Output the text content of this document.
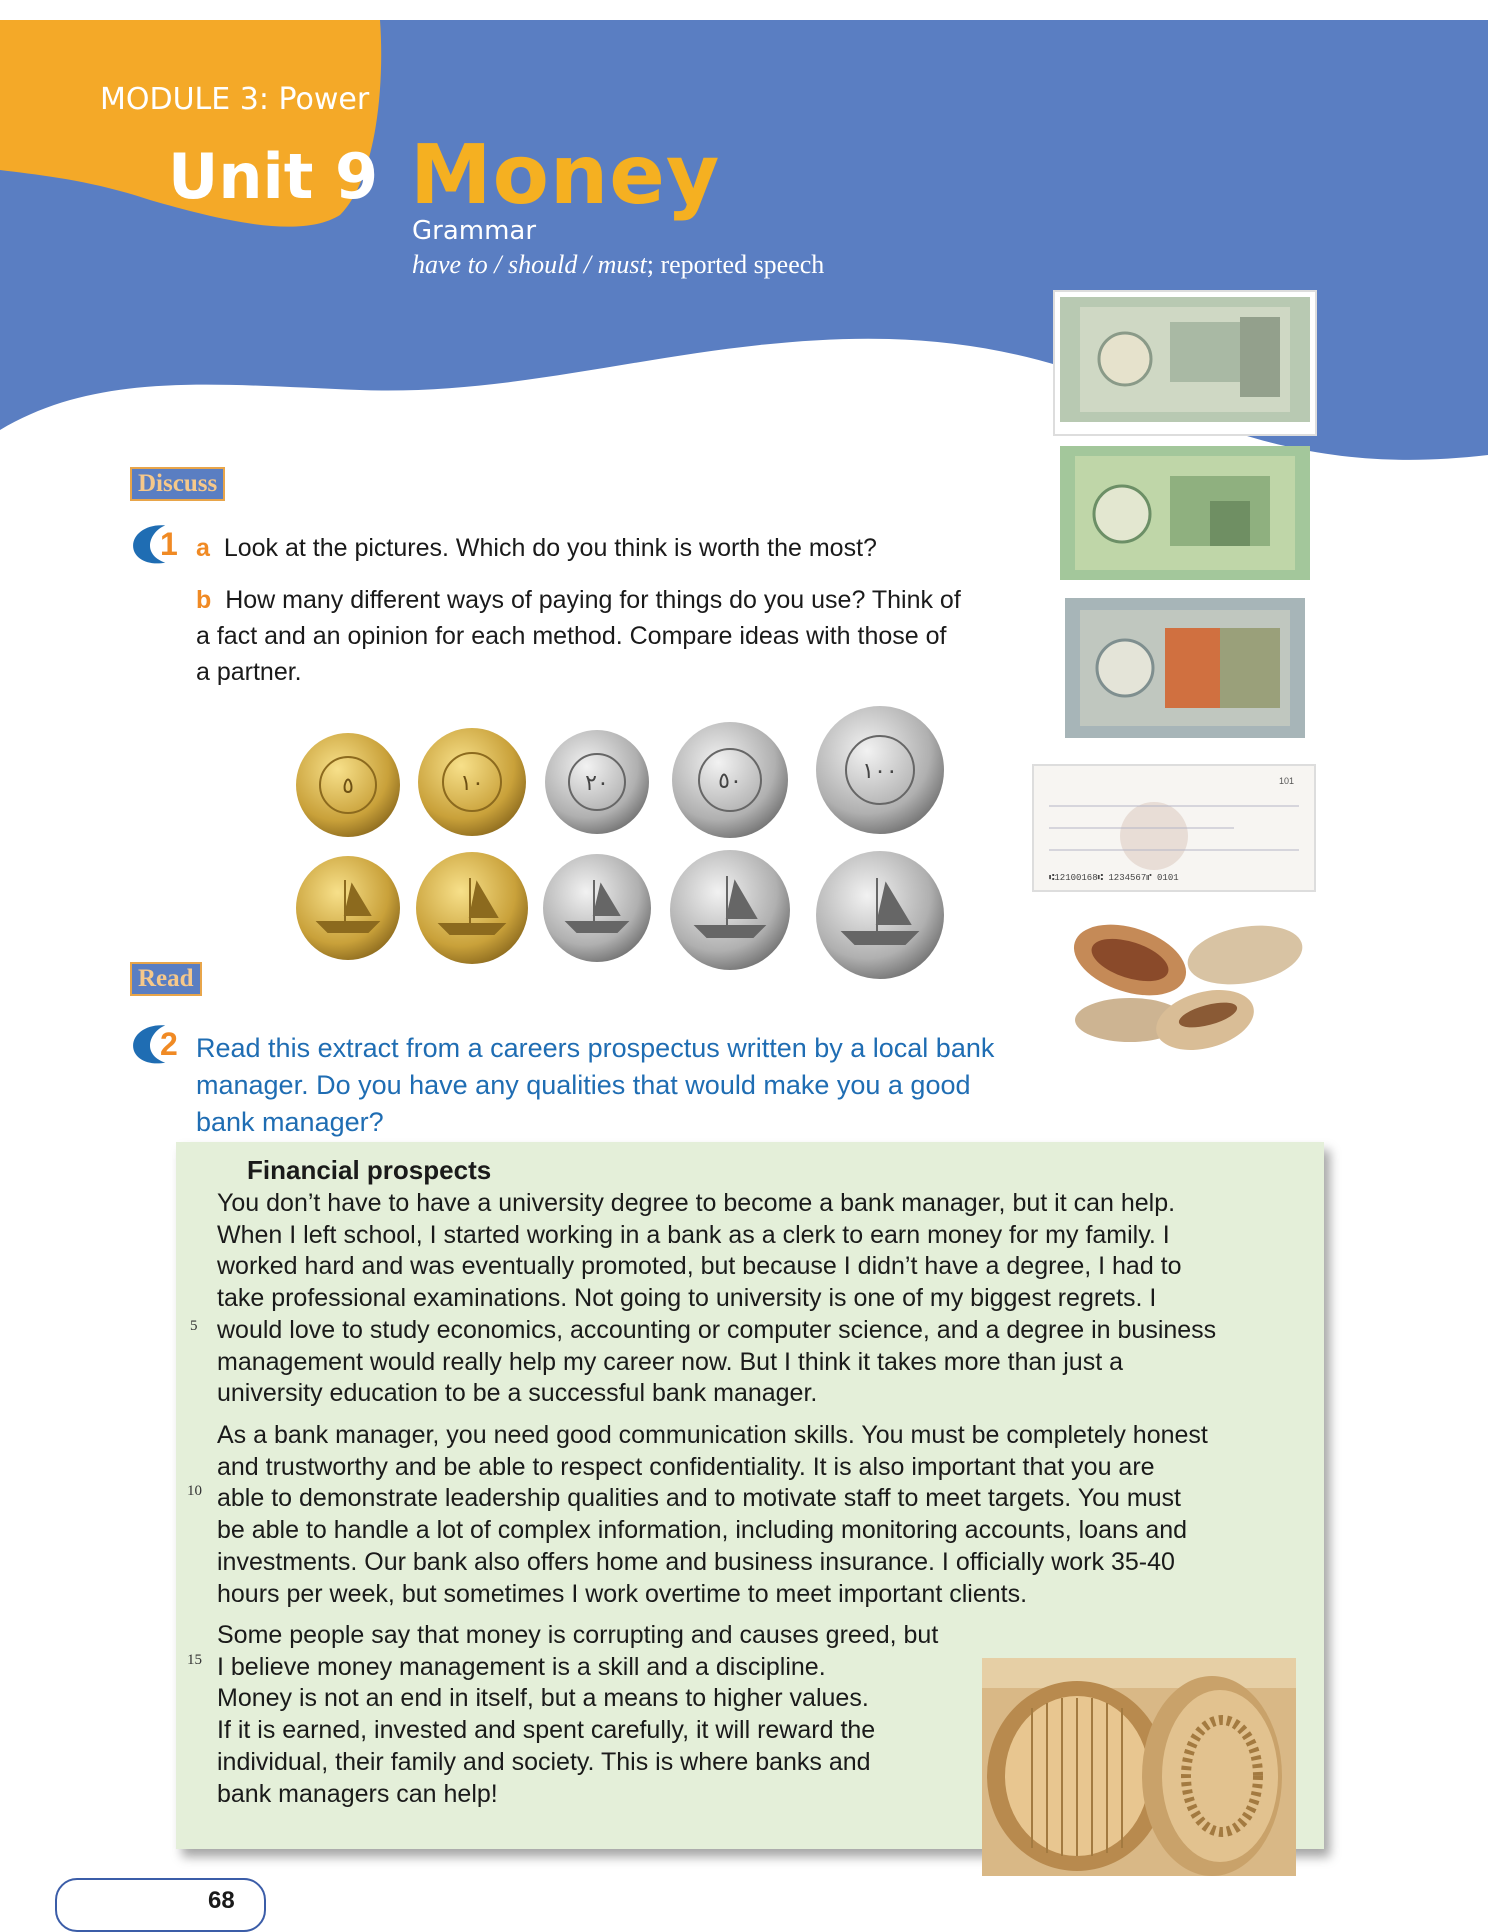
MODULE 3: Power
Unit 9 Money
Grammar
have to / should / must; reported speech
101
⑆12100168⑆ 1234567⑈ 0101
Discuss
1 a Look at the pictures. Which do you think is worth the most?
b How many different ways of paying for things do you use? Think of
a fact and an opinion for each method. Compare ideas with those of
a partner.
٥	١٠	٢٠	٥٠	١٠٠
Read
2 Read this extract from a careers prospectus written by a local bank
manager. Do you have any qualities that would make you a good
bank manager?
Financial prospects
You don’t have to have a university degree to become a bank manager, but it can help.
When I left school, I started working in a bank as a clerk to earn money for my family. I
worked hard and was eventually promoted, but because I didn’t have a degree, I had to
take professional examinations. Not going to university is one of my biggest regrets. I
would love to study economics, accounting or computer science, and a degree in business
management would really help my career now. But I think it takes more than just a
university education to be a successful bank manager.
As a bank manager, you need good communication skills. You must be completely honest
and trustworthy and be able to respect confidentiality. It is also important that you are
able to demonstrate leadership qualities and to motivate staff to meet targets. You must
be able to handle a lot of complex information, including monitoring accounts, loans and
investments. Our bank also offers home and business insurance. I officially work 35-40
hours per week, but sometimes I work overtime to meet important clients.
Some people say that money is corrupting and causes greed, but
I believe money management is a skill and a discipline.
Money is not an end in itself, but a means to higher values.
If it is earned, invested and spent carefully, it will reward the
individual, their family and society. This is where banks and
bank managers can help!
5
10
15
68
